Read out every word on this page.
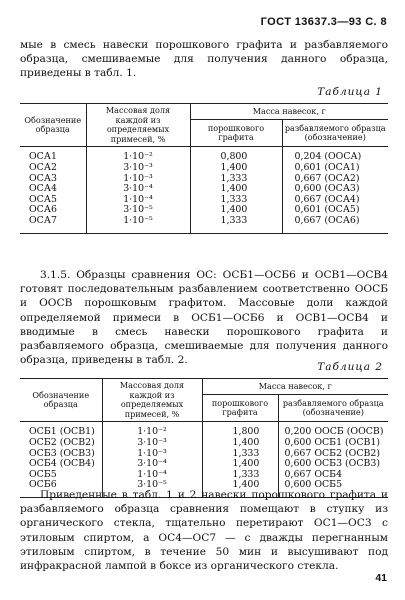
ГОСТ 13637.3—93 С. 8

мые в смесь навески порошкового графита и разбавляемого образца, смешиваемые для получения данного образца, приведены в табл. 1.

Таблица 1
Обозначение образца	Массовая доля каждой из определяемых примесей, %	Масса навесок, г	
		порошкового графита	разбавляемого образца (обозначение)

ОСА1	1·10⁻²	0,800	0,204 (ООСА)

ОСА2	3·10⁻³	1,400	0,601 (ОСА1)

ОСА3	1·10⁻³	1,333	0,667 (ОСА2)

ОСА4	3·10⁻⁴	1,400	0,600 (ОСА3)

ОСА5	1·10⁻⁴	1,333	0,667 (ОСА4)

ОСА6	3·10⁻⁵	1,400	0,601 (ОСА5)

ОСА7	1·10⁻⁵	1,333	0,667 (ОСА6)

3.1.5. Образцы сравнения ОС: ОСБ1—ОСБ6 и ОСВ1—ОСВ4 готовят последовательным разбавлением соответственно ООСБ и ООСВ порошковым графитом. Массовые доли каждой определяемой примеси в ОСБ1—ОСБ6 и ОСВ1—ОСВ4 и вводимые в смесь навески порошкового графита и разбавляемого образца, смешиваемые для получения данного образца, приведены в табл. 2.

Таблица 2
Обозначение образца	Массовая доля каждой из определяемых примесей, %	Масса навесок, г	
		порошкового графита	разбавляемого образца (обозначение)

ОСБ1 (ОСВ1)	1·10⁻²	1,800	0,200 ООСБ (ООСВ)

ОСБ2 (ОСВ2)	3·10⁻³	1,400	0,600 ОСБ1 (ОСВ1)

ОСБ3 (ОСВ3)	1·10⁻³	1,333	0,667 ОСБ2 (ОСВ2)

ОСБ4 (ОСВ4)	3·10⁻⁴	1,400	0,600 ОСБ3 (ОСВ3)

ОСБ5	1·10⁻⁴	1,333	0,667 ОСБ4

ОСБ6	3·10⁻⁵	1,400	0,600 ОСБ5

Приведенные в табл. 1 и 2 навески порошкового графита и разбавляемого образца сравнения помещают в ступку из органического стекла, тщательно перетирают ОС1—ОС3 с этиловым спиртом, а ОС4—ОС7 — с дважды перегнанным этиловым спиртом, в течение 50 мин и высушивают под инфракрасной лампой в боксе из органического стекла.

41
